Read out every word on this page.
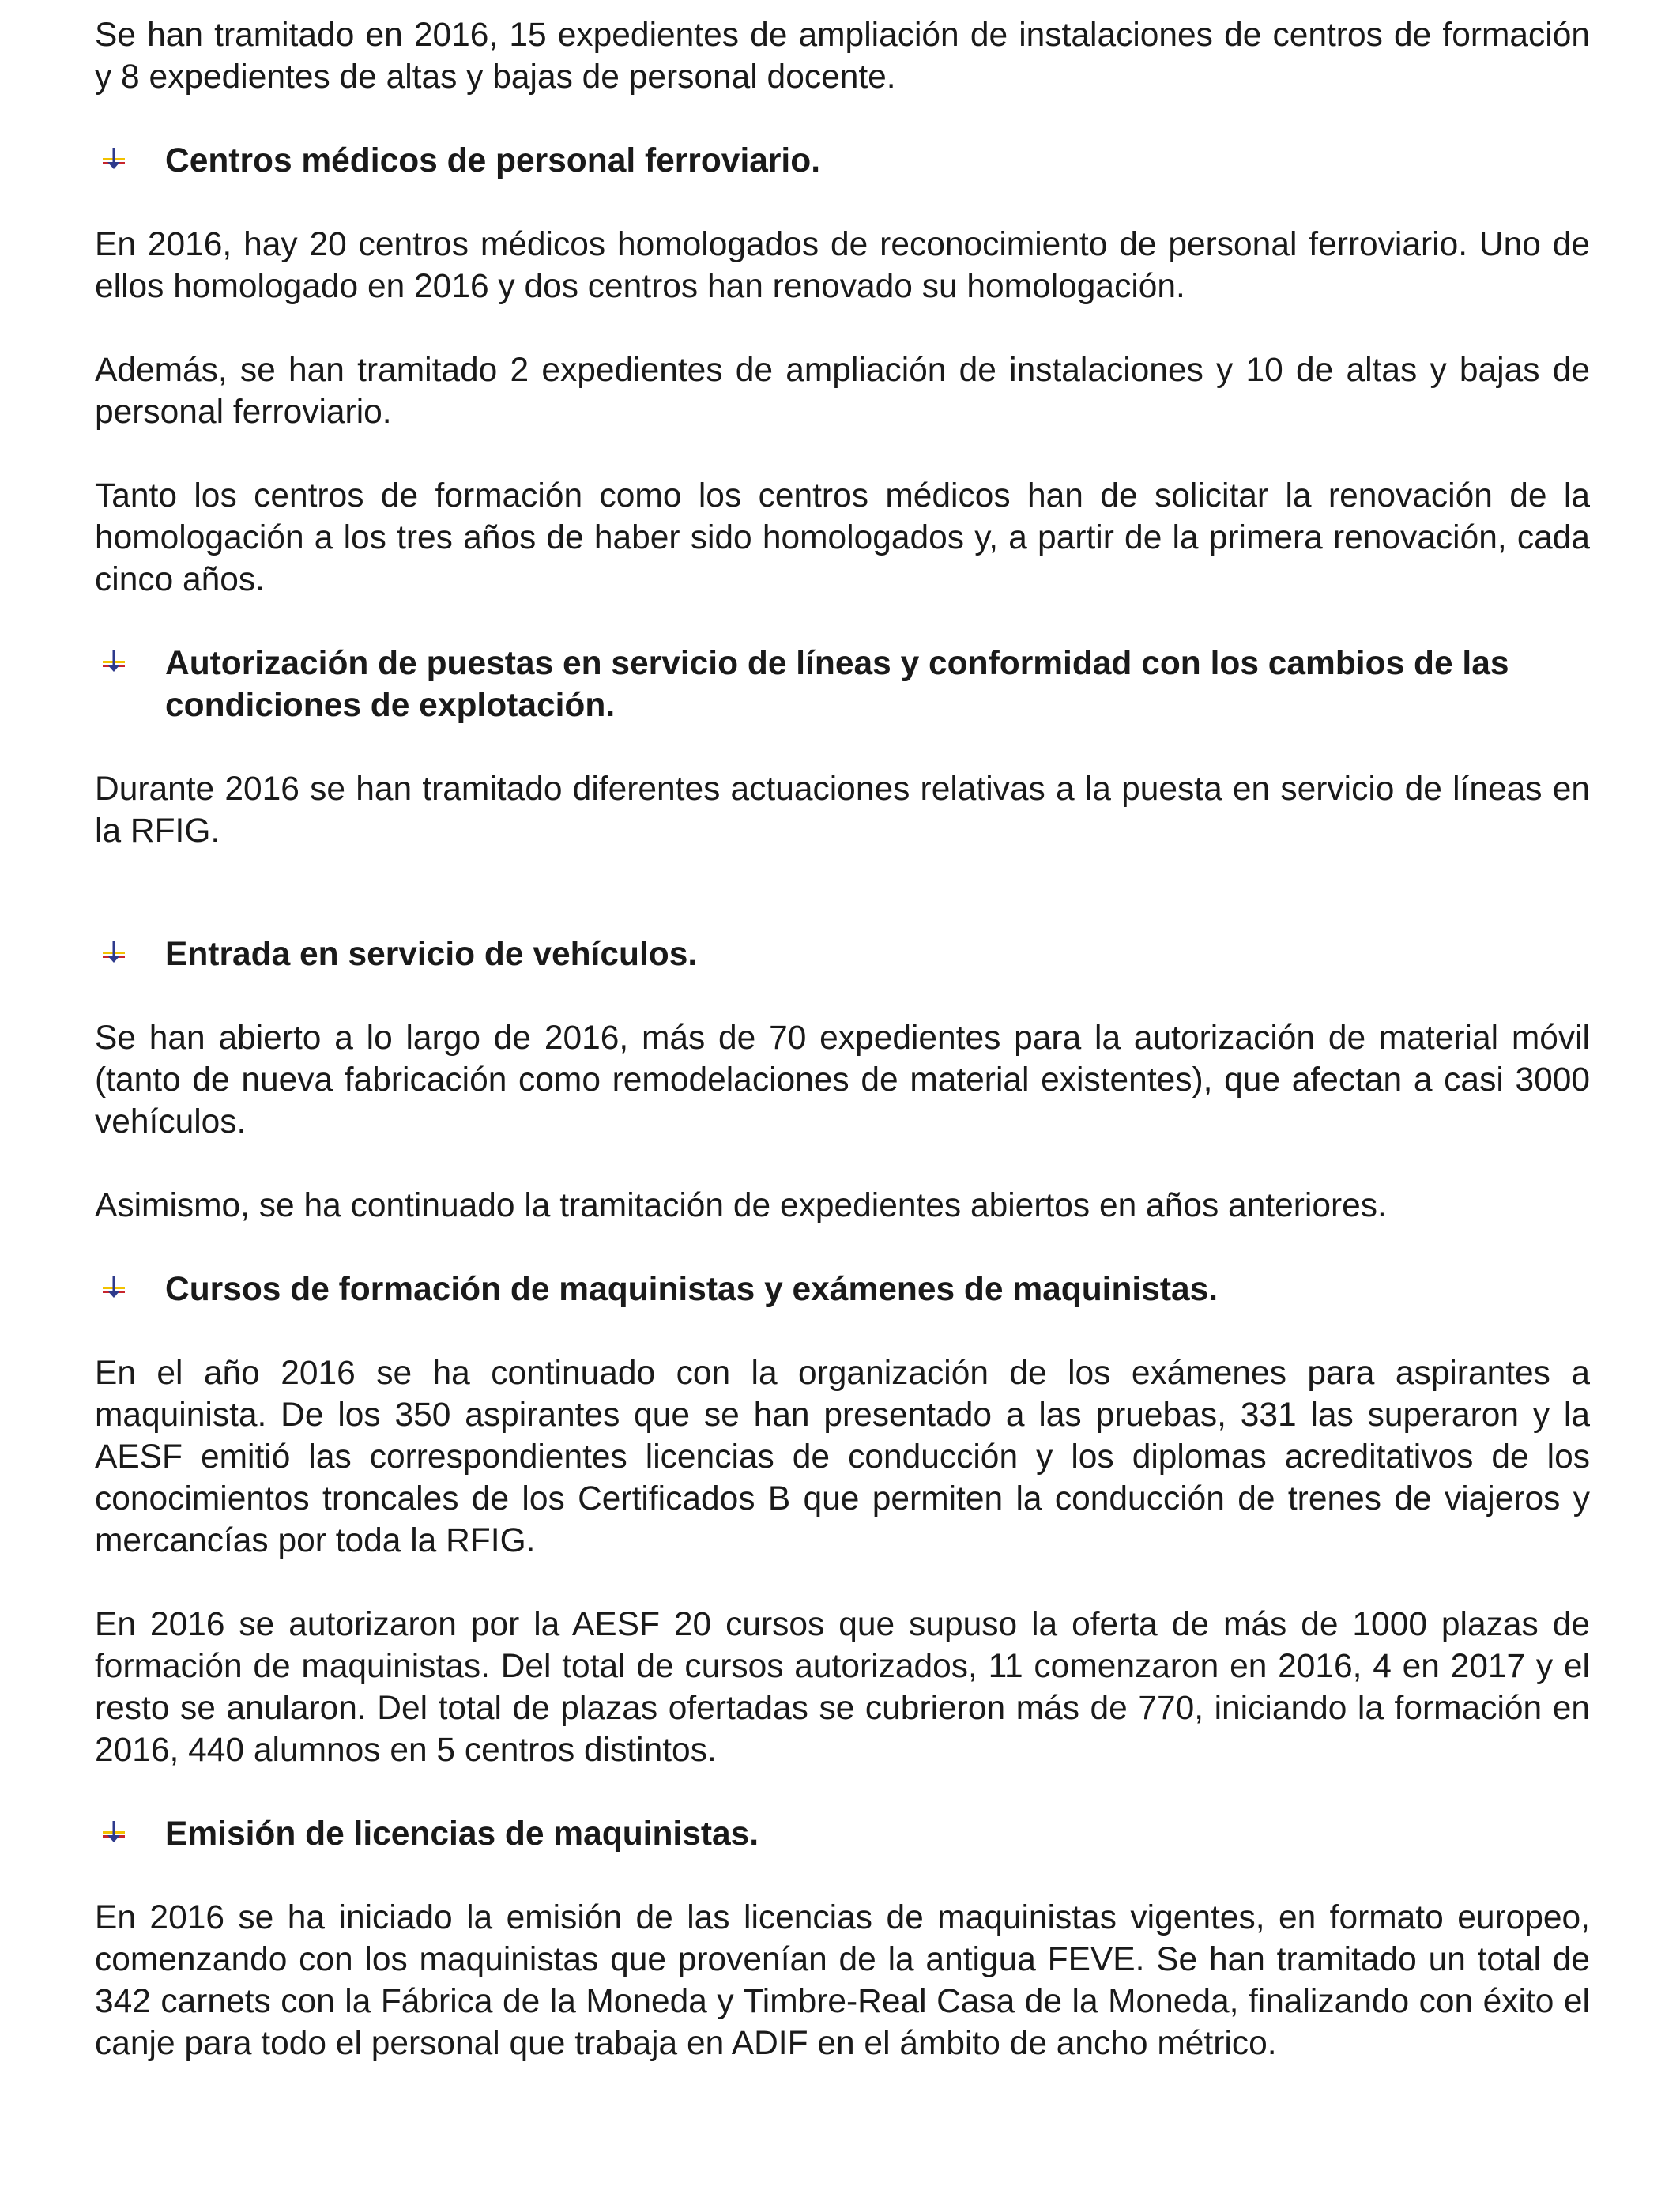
Se han tramitado en 2016, 15 expedientes de ampliación de instalaciones de centros de formación y 8 expedientes de altas y bajas de personal docente.

Centros médicos de personal ferroviario.

En 2016, hay 20 centros médicos homologados de reconocimiento de personal ferroviario. Uno de ellos homologado en 2016 y dos centros han renovado su homologación.

Además, se han tramitado 2 expedientes de ampliación de instalaciones y 10 de altas y bajas de personal ferroviario.

Tanto los centros de formación como los centros médicos han de solicitar la renovación de la homologación a los tres años de haber sido homologados y, a partir de la primera renovación, cada cinco años.

Autorización de puestas en servicio de líneas y conformidad con los cambios de las condiciones de explotación.

Durante 2016 se han tramitado diferentes actuaciones relativas a la puesta en servicio de líneas en la RFIG.

Entrada en servicio de vehículos.

Se han abierto a lo largo de 2016, más de 70 expedientes para la autorización de material móvil (tanto de nueva fabricación como remodelaciones de material existentes), que afectan a casi 3000 vehículos.

Asimismo, se ha continuado la tramitación de expedientes abiertos en años anteriores.

Cursos de formación de maquinistas y exámenes de maquinistas.

En el año 2016 se ha continuado con la organización de los exámenes para aspirantes a maquinista. De los 350 aspirantes que se han presentado a las pruebas, 331 las superaron y la AESF emitió las correspondientes licencias de conducción y los diplomas acreditativos de los conocimientos troncales de los Certificados B que permiten la conducción de trenes de viajeros y mercancías por toda la RFIG.

En 2016 se autorizaron por la AESF 20 cursos que supuso la oferta de más de 1000 plazas de formación de maquinistas. Del total de cursos autorizados, 11 comenzaron en 2016, 4 en 2017 y el resto se anularon. Del total de plazas ofertadas se cubrieron más de 770, iniciando la formación en 2016, 440 alumnos en 5 centros distintos.

Emisión de licencias de maquinistas.

En 2016 se ha iniciado la emisión de las licencias de maquinistas vigentes, en formato europeo, comenzando con los maquinistas que provenían de la antigua FEVE. Se han tramitado un total de 342 carnets con la Fábrica de la Moneda y Timbre-Real Casa de la Moneda, finalizando con éxito el canje para todo el personal que trabaja en ADIF en el ámbito de ancho métrico.
